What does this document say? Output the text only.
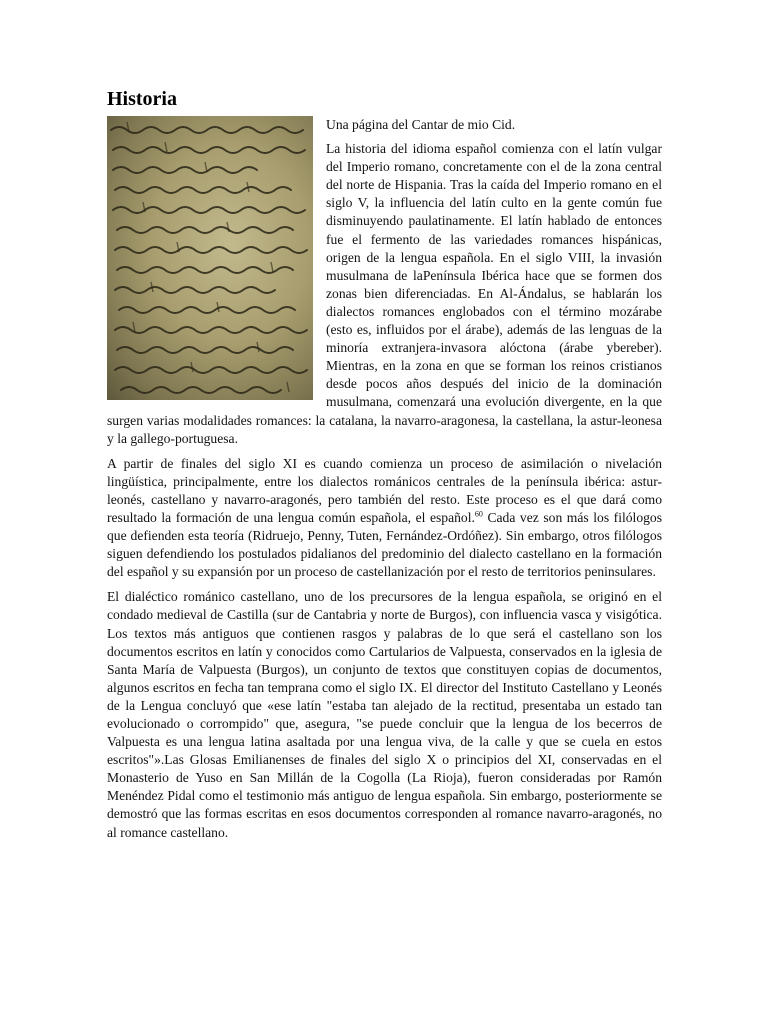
Historia

Una página del Cantar de mio Cid.

La historia del idioma español comienza con el latín vulgar del Imperio romano, concretamente con el de la zona central del norte de Hispania. Tras la caída del Imperio romano en el siglo V, la influencia del latín culto en la gente común fue disminuyendo paulatinamente. El latín hablado de entonces fue el fermento de las variedades romances hispánicas, origen de la lengua española. En el siglo VIII, la invasión musulmana de laPenínsula Ibérica hace que se formen dos zonas bien diferenciadas. En Al-Ándalus, se hablarán los dialectos romances englobados con el término mozárabe (esto es, influidos por el árabe), además de las lenguas de la minoría extranjera-invasora alóctona (árabe ybereber). Mientras, en la zona en que se forman los reinos cristianos desde pocos años después del inicio de la dominación musulmana, comenzará una evolución divergente, en la que surgen varias modalidades romances: la catalana, la navarro-aragonesa, la castellana, la astur-leonesa y la gallego-portuguesa.

A partir de finales del siglo XI es cuando comienza un proceso de asimilación o nivelación lingüística, principalmente, entre los dialectos románicos centrales de la península ibérica: astur-leonés, castellano y navarro-aragonés, pero también del resto. Este proceso es el que dará como resultado la formación de una lengua común española, el español.$^{60}$ Cada vez son más los filólogos que defienden esta teoría (Ridruejo, Penny, Tuten, Fernández-Ordóñez). Sin embargo, otros filólogos siguen defendiendo los postulados pidalianos del predominio del dialecto castellano en la formación del español y su expansión por un proceso de castellanización por el resto de territorios peninsulares.

El dialéctico románico castellano, uno de los precursores de la lengua española, se originó en el condado medieval de Castilla (sur de Cantabria y norte de Burgos), con influencia vasca y visigótica. Los textos más antiguos que contienen rasgos y palabras de lo que será el castellano son los documentos escritos en latín y conocidos como Cartularios de Valpuesta, conservados en la iglesia de Santa María de Valpuesta (Burgos), un conjunto de textos que constituyen copias de documentos, algunos escritos en fecha tan temprana como el siglo IX. El director del Instituto Castellano y Leonés de la Lengua concluyó que «ese latín "estaba tan alejado de la rectitud, presentaba un estado tan evolucionado o corrompido" que, asegura, "se puede concluir que la lengua de los becerros de Valpuesta es una lengua latina asaltada por una lengua viva, de la calle y que se cuela en estos escritos"».Las Glosas Emilianenses de finales del siglo X o principios del XI, conservadas en el Monasterio de Yuso en San Millán de la Cogolla (La Rioja), fueron consideradas por Ramón Menéndez Pidal como el testimonio más antiguo de lengua española. Sin embargo, posteriormente se demostró que las formas escritas en esos documentos corresponden al romance navarro-aragonés, no al romance castellano.
